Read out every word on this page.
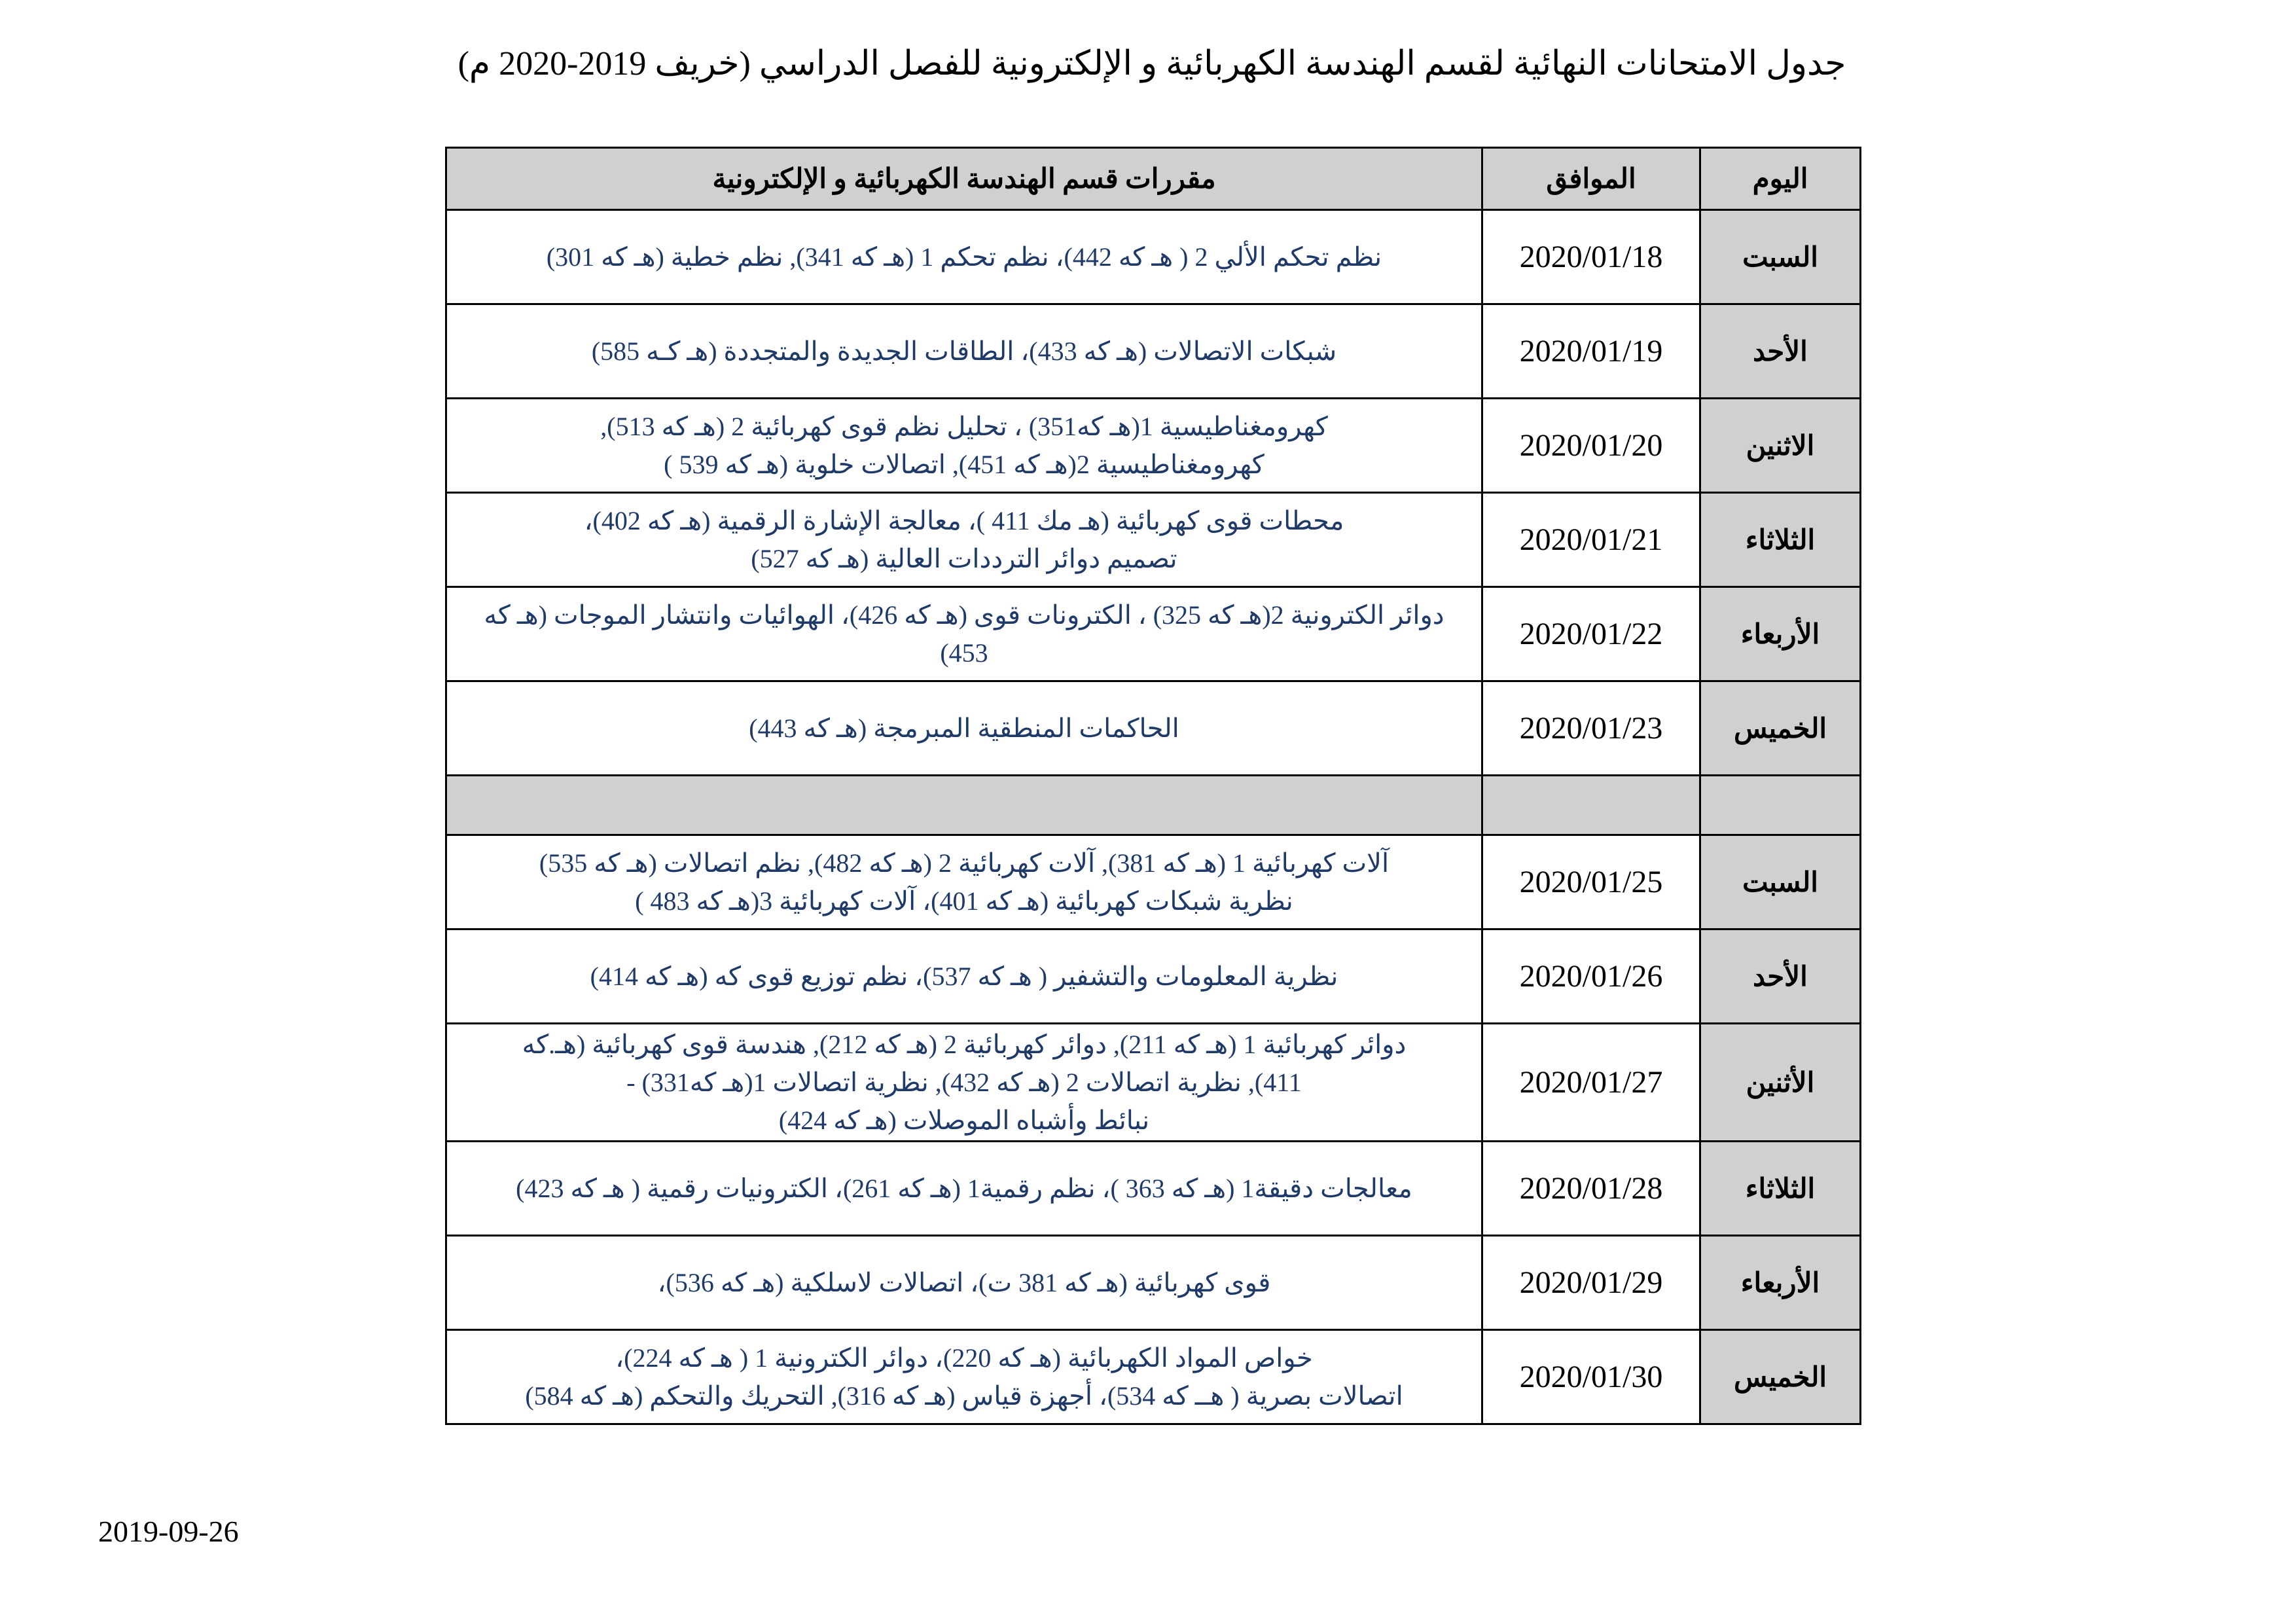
جدول الامتحانات النهائية لقسم الهندسة الكهربائية و الإلكترونية للفصل الدراسي (خريف 2019-2020 م)
اليوم	الموافق	مقررات قسم الهندسة الكهربائية و الإلكترونية
السبت	2020/01/18	نظم تحكم الألي 2 ( هـ كه 442)، نظم تحكم 1 (هـ كه 341), نظم خطية (هـ كه 301)

الأحد	2020/01/19	شبكات الاتصالات (هـ كه 433)، الطاقات الجديدة والمتجددة (هـ كـه 585)

الاثنين	2020/01/20	كهرومغناطيسية 1(هـ كه351) ، تحليل نظم قوى كهربائية 2 (هـ كه 513),
كهرومغناطيسية 2(هـ كه 451), اتصالات خلوية (هـ كه 539 )

الثلاثاء	2020/01/21	محطات قوى كهربائية (هـ مك 411 )، معالجة الإشارة الرقمية (هـ كه 402)،
تصميم دوائر الترددات العالية (هـ كه 527)

الأربعاء	2020/01/22	دوائر الكترونية 2(هـ كه 325) ، الكترونات قوى (هـ كه 426)، الهوائيات وانتشار الموجات (هـ كه
453)

الخميس	2020/01/23	الحاكمات المنطقية المبرمجة (هـ كه 443)

السبت	2020/01/25	آلات كهربائية 1 (هـ كه 381), آلات كهربائية 2 (هـ كه 482), نظم اتصالات (هـ كه 535)
نظرية شبكات كهربائية (هـ كه 401)، آلات كهربائية 3(هـ كه 483 )

الأحد	2020/01/26	نظرية المعلومات والتشفير ( هـ كه 537)، نظم توزيع قوى كه (هـ كه 414)

الأثنين	2020/01/27	دوائر كهربائية 1 (هـ كه 211), دوائر كهربائية 2 (هـ كه 212), هندسة قوى كهربائية (هـ.كه
411), نظرية اتصالات 2 (هـ كه 432), نظرية اتصالات 1(هـ كه331) -
نبائط وأشباه الموصلات (هـ كه 424)

الثلاثاء	2020/01/28	معالجات دقيقة1 (هـ كه 363 )، نظم رقمية1 (هـ كه 261)، الكترونيات رقمية ( هـ كه 423)

الأربعاء	2020/01/29	قوى كهربائية (هـ كه 381 ت)، اتصالات لاسلكية (هـ كه 536)،

الخميس	2020/01/30	خواص المواد الكهربائية (هـ كه 220)، دوائر الكترونية 1 ( هـ كه 224)،
اتصالات بصرية ( هــ كه 534)، أجهزة قياس (هـ كه 316), التحريك والتحكم (هـ كه 584)
2019-09-26
